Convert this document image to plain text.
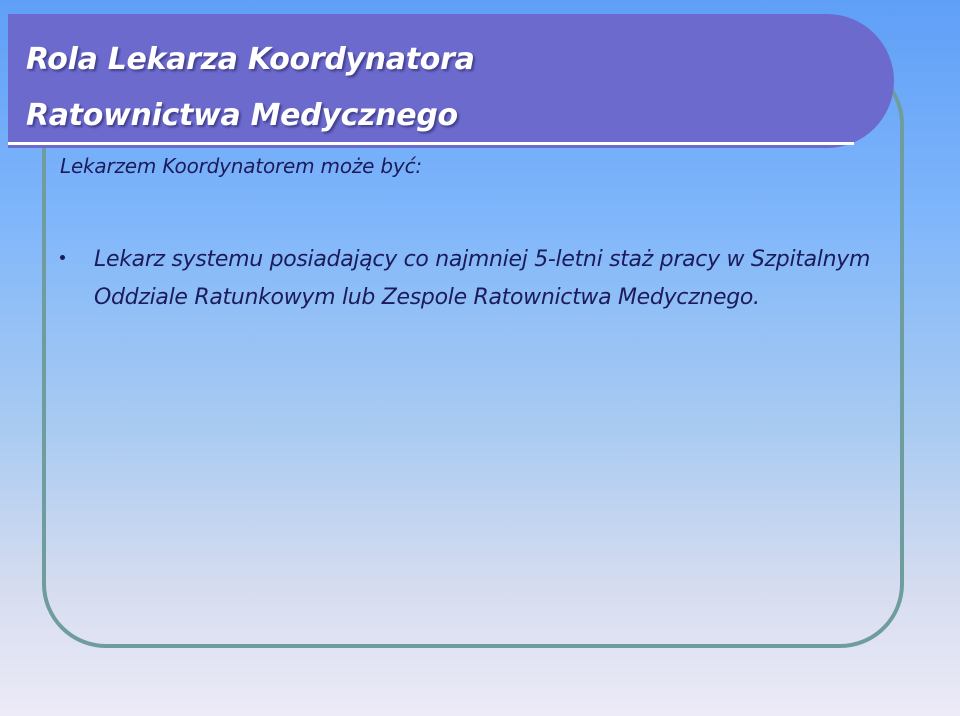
Rola Lekarza Koordynatora
Ratownictwa Medycznego
Lekarzem Koordynatorem może być:
Lekarz systemu posiadający co najmniej 5-letni staż pracy w Szpitalnym Oddziale Ratunkowym lub Zespole Ratownictwa Medycznego.
